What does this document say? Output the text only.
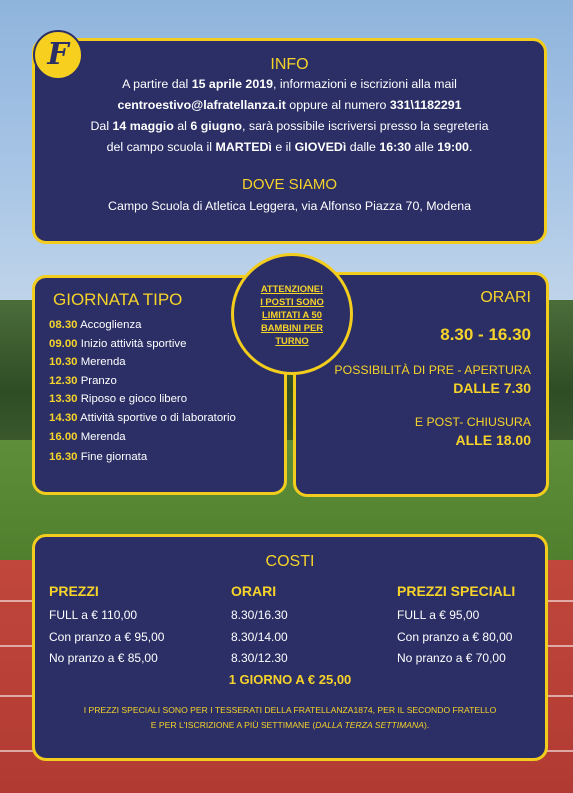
INFO

A partire dal 15 aprile 2019, informazioni e iscrizioni alla mail

centroestivo@lafratellanza.it oppure al numero 331\1182291

Dal 14 maggio al 6 giugno, sarà possibile iscriversi presso la segreteria

del campo scuola il MARTEDì e il GIOVEDì dalle 16:30 alle 19:00.

DOVE SIAMO

Campo Scuola di Atletica Leggera, via Alfonso Piazza 70, Modena

F
GIORNATA TIPO
08.30 Accoglienza
09.00 Inizio attività sportive
10.30 Merenda
12.30 Pranzo
13.30 Riposo e gioco libero
14.30 Attività sportive o di laboratorio
16.00 Merenda
16.30 Fine giornata
ORARI
8.30 - 16.30
POSSIBILITÀ DI PRE - APERTURA
DALLE 7.30
E POST- CHIUSURA
ALLE 18.00
ATTENZIONE!
I POSTI SONO
LIMITATI A 50
BAMBINI PER
TURNO
COSTI
PREZZI
FULL a € 110,00
Con pranzo a € 95,00
No pranzo a € 85,00
ORARI
8.30/16.30
8.30/14.00
8.30/12.30
PREZZI SPECIALI
FULL a € 95,00
Con pranzo a € 80,00
No pranzo a € 70,00
1 GIORNO A € 25,00
I PREZZI SPECIALI SONO PER I TESSERATI DELLA FRATELLANZA1874, PER IL SECONDO FRATELLO
E PER L'ISCRIZIONE A PIÙ SETTIMANE (DALLA TERZA SETTIMANA).
